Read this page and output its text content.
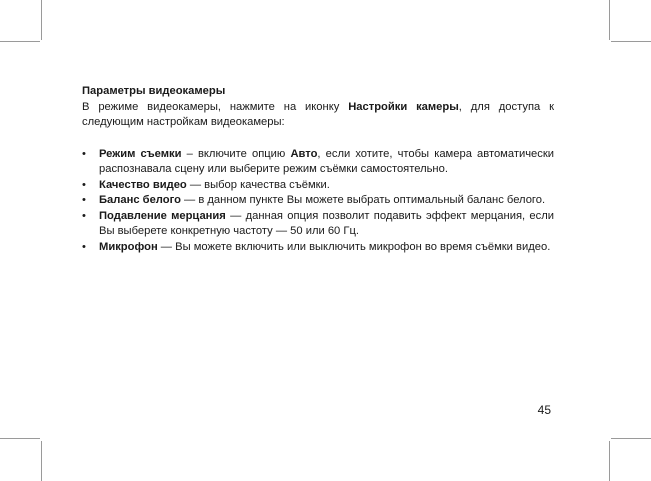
Параметры видеокамеры

В режиме видеокамеры, нажмите на иконку Настройки камеры, для доступа к следующим настройкам видеокамеры:

• Режим съемки – включите опцию Авто, если хотите, чтобы камера автоматически распознавала сцену или выберите режим съёмки самостоятельно.
• Качество видео — выбор качества съёмки.
• Баланс белого — в данном пункте Вы можете выбрать оптимальный баланс белого.
• Подавление мерцания — данная опция позволит подавить эффект мерцания, если Вы выберете конкретную частоту — 50 или 60 Гц.
• Микрофон — Вы можете включить или выключить микрофон во время съёмки видео.
45
